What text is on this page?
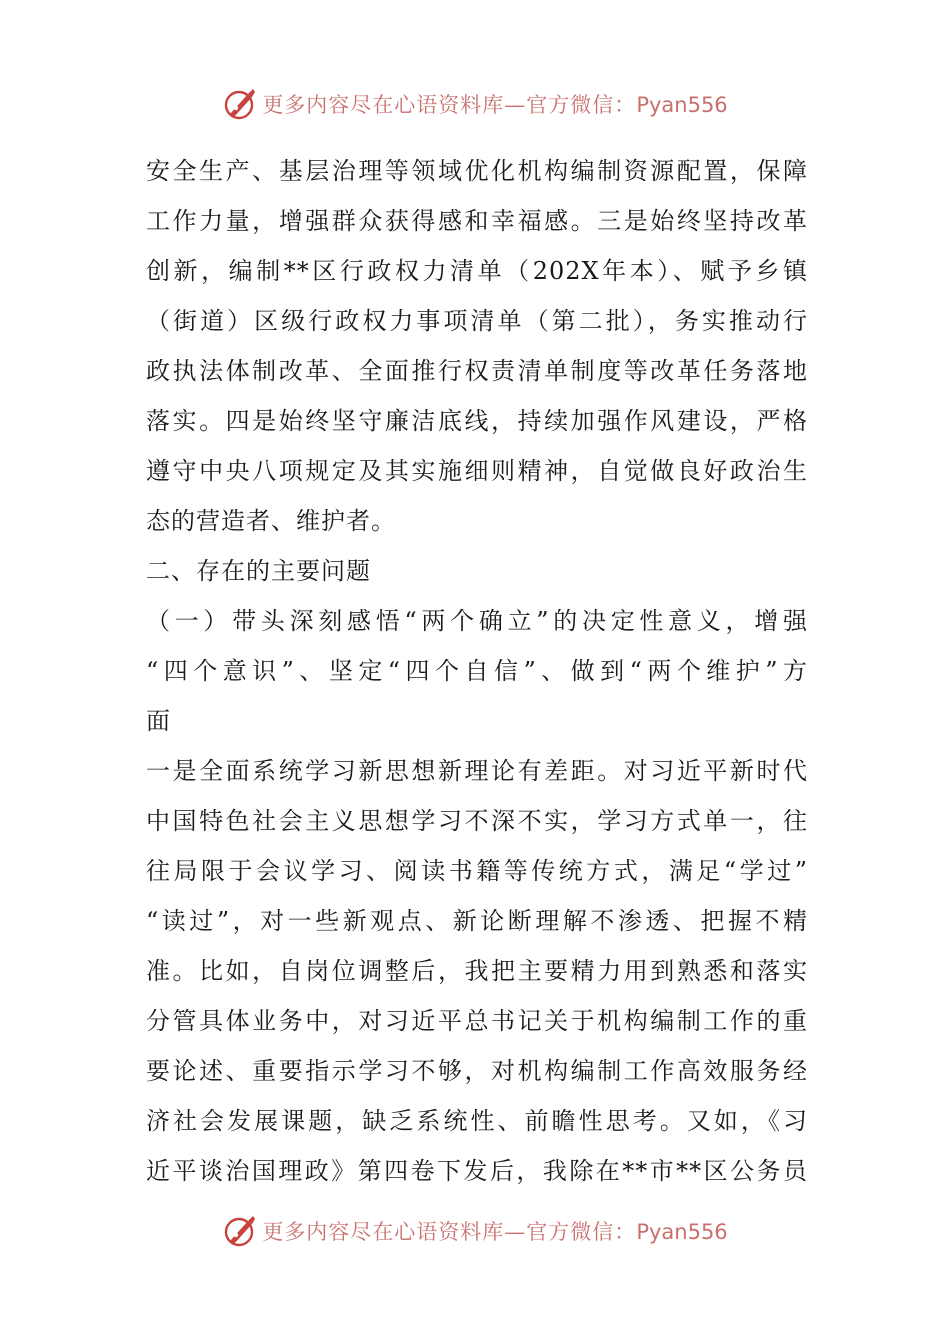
更多内容尽在心语资料库—官方微信：Pyan556
安全生产、基层治理等领域优化机构编制资源配置，保障
工作力量，增强群众获得感和幸福感。三是始终坚持改革
创新，编制**区行政权力清单（202X年本）、赋予乡镇
（街道）区级行政权力事项清单（第二批），务实推动行
政执法体制改革、全面推行权责清单制度等改革任务落地
落实。四是始终坚守廉洁底线，持续加强作风建设，严格
遵守中央八项规定及其实施细则精神，自觉做良好政治生
态的营造者、维护者。
二、存在的主要问题
（一）带头深刻感悟“两个确立”的决定性意义，增强
“四个意识”、坚定“四个自信”、做到“两个维护”方
面
一是全面系统学习新思想新理论有差距。对习近平新时代
中国特色社会主义思想学习不深不实，学习方式单一，往
往局限于会议学习、阅读书籍等传统方式，满足“学过”
“读过”，对一些新观点、新论断理解不渗透、把握不精
准。比如，自岗位调整后，我把主要精力用到熟悉和落实
分管具体业务中，对习近平总书记关于机构编制工作的重
要论述、重要指示学习不够，对机构编制工作高效服务经
济社会发展课题，缺乏系统性、前瞻性思考。又如，《习
近平谈治国理政》第四卷下发后，我除在**市**区公务员
更多内容尽在心语资料库—官方微信：Pyan556
